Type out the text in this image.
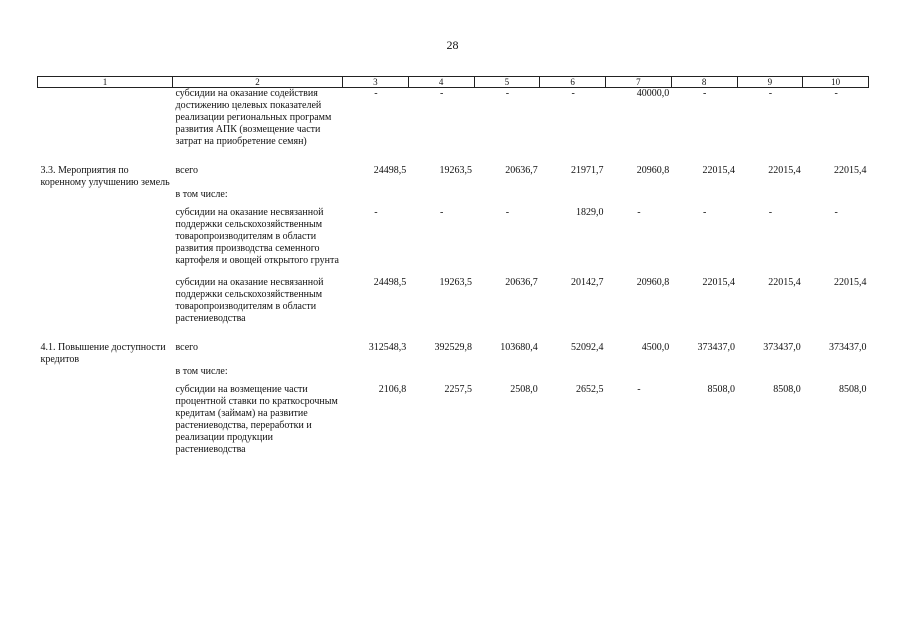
28
1	2	3	4	5	6	7	8	9	10
	субсидии на оказание содействия достижению целевых показателей реализации региональных программ развития АПК (возмещение части затрат на приобретение семян)	-	-	-	-	40000,0	-	-	-
3.3. Мероприятия по коренному улучшению земель	всего	24498,5	19263,5	20636,7	21971,7	20960,8	22015,4	22015,4	22015,4
	в том числе:								
	субсидии на оказание несвязанной поддержки сельскохозяйственным товаропроизводителям в области развития производства семенного картофеля и овощей открытого грунта	-	-	-	1829,0	-	-	-	-
	субсидии на оказание несвязанной поддержки сельскохозяйственным товаропроизводителям в области растениеводства	24498,5	19263,5	20636,7	20142,7	20960,8	22015,4	22015,4	22015,4
4.1. Повышение доступности кредитов	всего	312548,3	392529,8	103680,4	52092,4	4500,0	373437,0	373437,0	373437,0
	в том числе:								
	субсидии на возмещение части процентной ставки по краткосрочным кредитам (займам) на развитие растениеводства, переработки и реализации продукции растениеводства	2106,8	2257,5	2508,0	2652,5	-	8508,0	8508,0	8508,0
